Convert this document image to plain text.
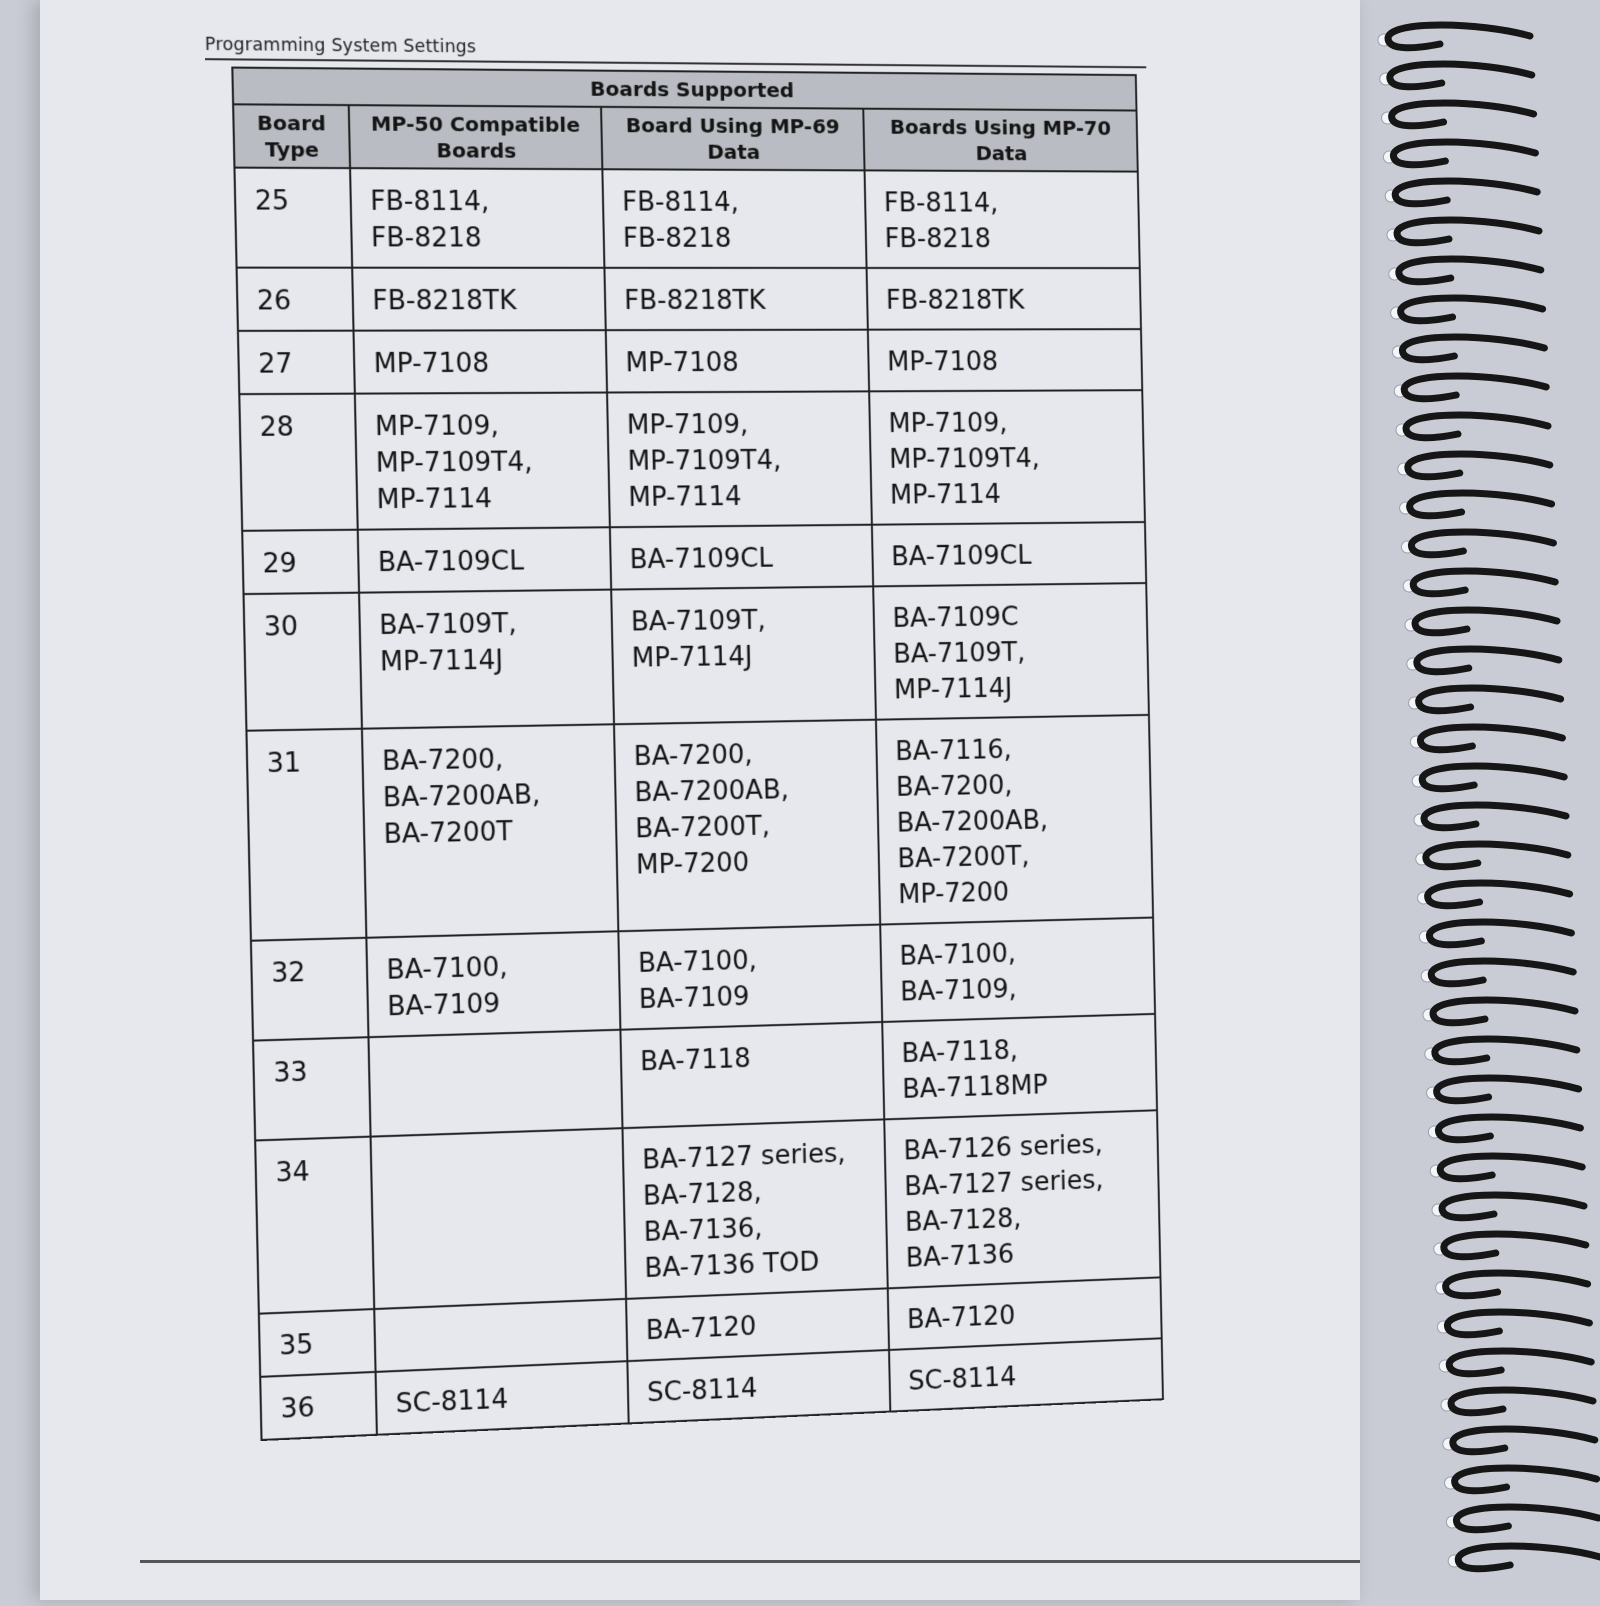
Programming System Settings
Boards Supported			
Board Type	MP-50 Compatible Boards	Board Using MP-69 Data	Boards Using MP-70 Data
25	FB-8114,
FB-8218	FB-8114,
FB-8218	FB-8114,
FB-8218

26	FB-8218TK	FB-8218TK	FB-8218TK

27	MP-7108	MP-7108	MP-7108

28	MP-7109,
MP-7109T4,
MP-7114	MP-7109,
MP-7109T4,
MP-7114	MP-7109,
MP-7109T4,
MP-7114

29	BA-7109CL	BA-7109CL	BA-7109CL

30	BA-7109T,
MP-7114J	BA-7109T,
MP-7114J	BA-7109C
BA-7109T,
MP-7114J

31	BA-7200,
BA-7200AB,
BA-7200T	BA-7200,
BA-7200AB,
BA-7200T,
MP-7200	BA-7116,
BA-7200,
BA-7200AB,
BA-7200T,
MP-7200

32	BA-7100,
BA-7109	BA-7100,
BA-7109	BA-7100,
BA-7109,

33		BA-7118	BA-7118,
BA-7118MP

34		BA-7127 series,
BA-7128,
BA-7136,
BA-7136 TOD	BA-7126 series,
BA-7127 series,
BA-7128,
BA-7136

35		BA-7120	BA-7120

36	SC-8114	SC-8114	SC-8114
